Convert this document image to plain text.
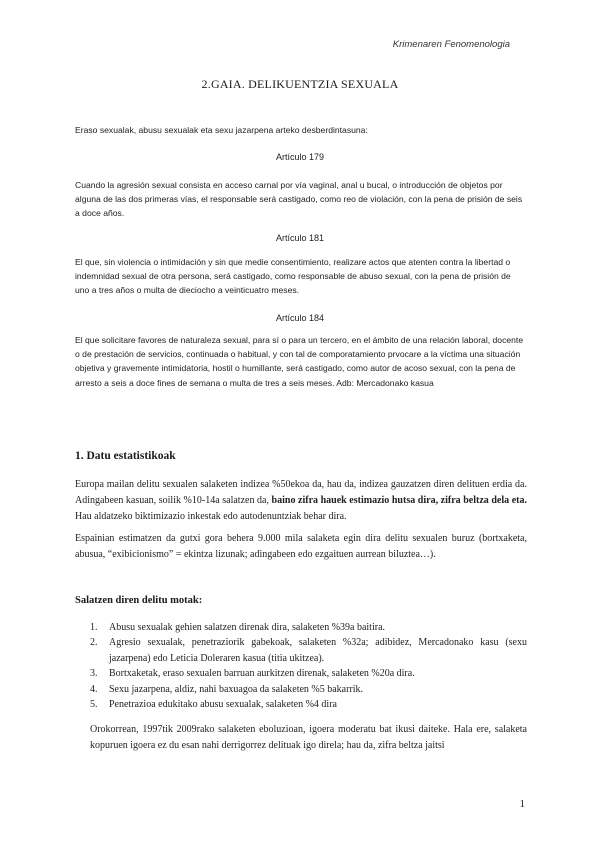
Krimenaren Fenomenologia
2.GAIA. DELIKUENTZIA SEXUALA

Eraso sexualak, abusu sexualak eta sexu jazarpena arteko desberdintasuna:

Artículo 179

Cuando la agresión sexual consista en acceso carnal por vía vaginal, anal u bucal, o introducción de objetos por alguna de las dos primeras vías, el responsable será castigado, como reo de violación, con la pena de prisión de seis a doce años.

Artículo 181

El que, sin violencia o intimidación y sin que medie consentimiento, realizare actos que atenten contra la libertad o indemnidad sexual de otra persona, será castigado, como responsable de abuso sexual, con la pena de prisión de uno a tres años o multa de dieciocho a veinticuatro meses.

Artículo 184

El que solicitare favores de naturaleza sexual, para sí o para un tercero, en el ámbito de una relación laboral, docente o de prestación de servicios, continuada o habitual, y con tal de comporatamiento prvocare a la víctima una situación objetiva y gravemente intimidatoria, hostil o humillante, será castigado, como autor de acoso sexual, con la pena de arresto a seis a doce fines de semana o multa de tres a seis meses. Adb: Mercadonako kasua

1. Datu estatistikoak

Europa mailan delitu sexualen salaketen indizea %50ekoa da, hau da, indizea gauzatzen diren delituen erdia da. Adingabeen kasuan, soilik %10-14a salatzen da, baino zifra hauek estimazio hutsa dira, zifra beltza dela eta. Hau aldatzeko biktimizazio inkestak edo autodenuntziak behar dira.

Espainian estimatzen da gutxi gora behera 9.000 mila salaketa egin dira delitu sexualen buruz (bortxaketa, abusua, “exibicionismo” = ekintza lizunak; adingabeen edo ezgaituen aurrean biluztea…).

Salatzen diren delitu motak:
1. Abusu sexualak gehien salatzen direnak dira, salaketen %39a baitira.
2. Agresio sexualak, penetraziorik gabekoak, salaketen %32a; adibidez, Mercadonako kasu (sexu jazarpena) edo Leticia Doleraren kasua (titia ukitzea).
3. Bortxaketak, eraso sexualen barruan aurkitzen direnak, salaketen %20a dira.
4. Sexu jazarpena, aldiz, nahi baxuagoa da salaketen %5 bakarrik.
5. Penetrazioa edukitako abusu sexualak, salaketen %4 dira

Orokorrean, 1997tik 2009rako salaketen eboluzioan, igoera moderatu bat ikusi daiteke. Hala ere, salaketa kopuruen igoera ez du esan nahi derrigorrez delituak igo direla; hau da, zifra beltza jaitsi

1
